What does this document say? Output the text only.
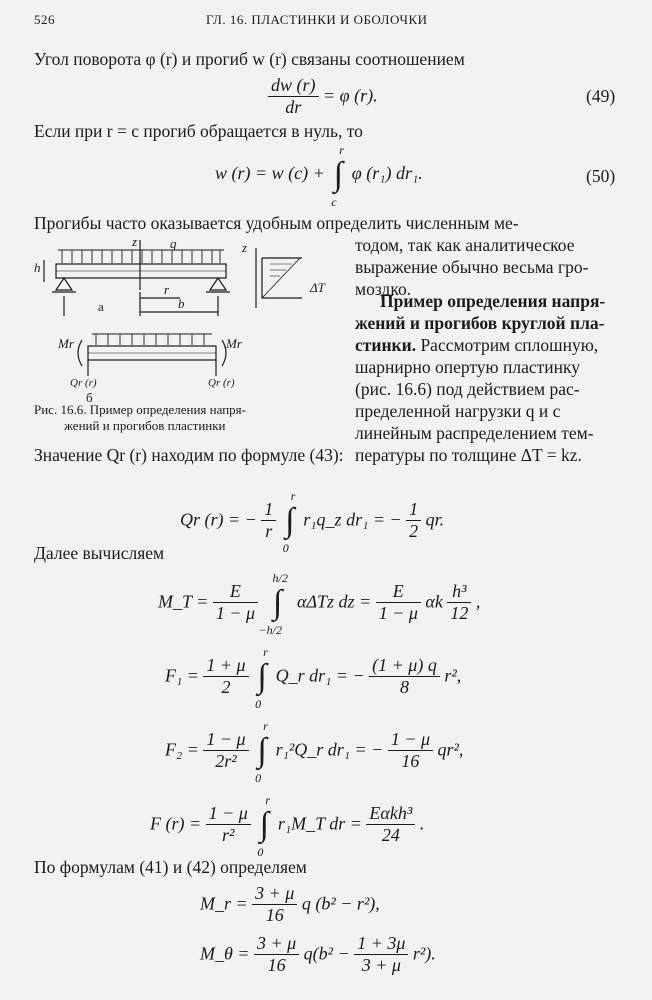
526	ГЛ. 16. ПЛАСТИНКИ И ОБОЛОЧКИ
Угол поворота φ (r) и прогиб w (r) связаны соотношением
$\frac{dw (r)}{dr} = \varphi$ (r).	(49)
Если при r = c прогиб обращается в нуль, то
w (r) = w (c) + ∫
r
c
φ (r₁) dr₁.	(50)
Прогибы часто оказывается удобным определить численным ме-
тодом, так как аналитическое
выражение обычно весьма гро-
моздко.
Пример определения напря-
жений и прогибов круглой пла-
стинки. Рассмотрим сплошную,
шарнирно опертую пластинку
(рис. 16.6) под действием рас-
пределенной нагрузки q и с
линейным распределением тем-
пературы по толщине ΔT = kz.
h
z	q
r
a	b
z
ΔT
Mr	Mr
Qr (r)	Qr (r)
б
Рис. 16.6. Пример определения напря-
жений и прогибов пластинки
Значение Qr (r) находим по формуле (43):
Qr (r) = − $\frac{1}{r}$ ∫
r
0
r₁q_z dr₁ = − $\frac{1}{2}$ qr.
Далее вычисляем
M_T = $\frac{E}{1 - \mu}$ ∫
h/2
−h/2
αΔTz dz = $\frac{E}{1 - \mu}$ αk $\frac{\text{h³}}{12}$ ,
$F_1 = \frac{1 + \mu}{2}$ ∫
r
0
Q_r dr₁ = − $\frac{(1 + \mu) q}{8} r^2$,
$F_2 = \frac{1 - \mu}{\text{2r²}}$ ∫
r
0
r₁²Q_r dr₁ = − $\frac{1 - \mu}{16} qr^2$,
F $(r) = \frac{1 - \mu}{\text{r²}}$ ∫
r
0
r₁M_T dr = $\frac{\text{Eαkh³}}{24}$ .
По формулам (41) и (42) определяем
M_r = $\frac{3 + \mu}{16}$ q (b² − r²),
M_θ = $\frac{3 + \mu}{16} q(b^2 - \frac{1 + 3\mu}{3 + \mu} r^2)$.
